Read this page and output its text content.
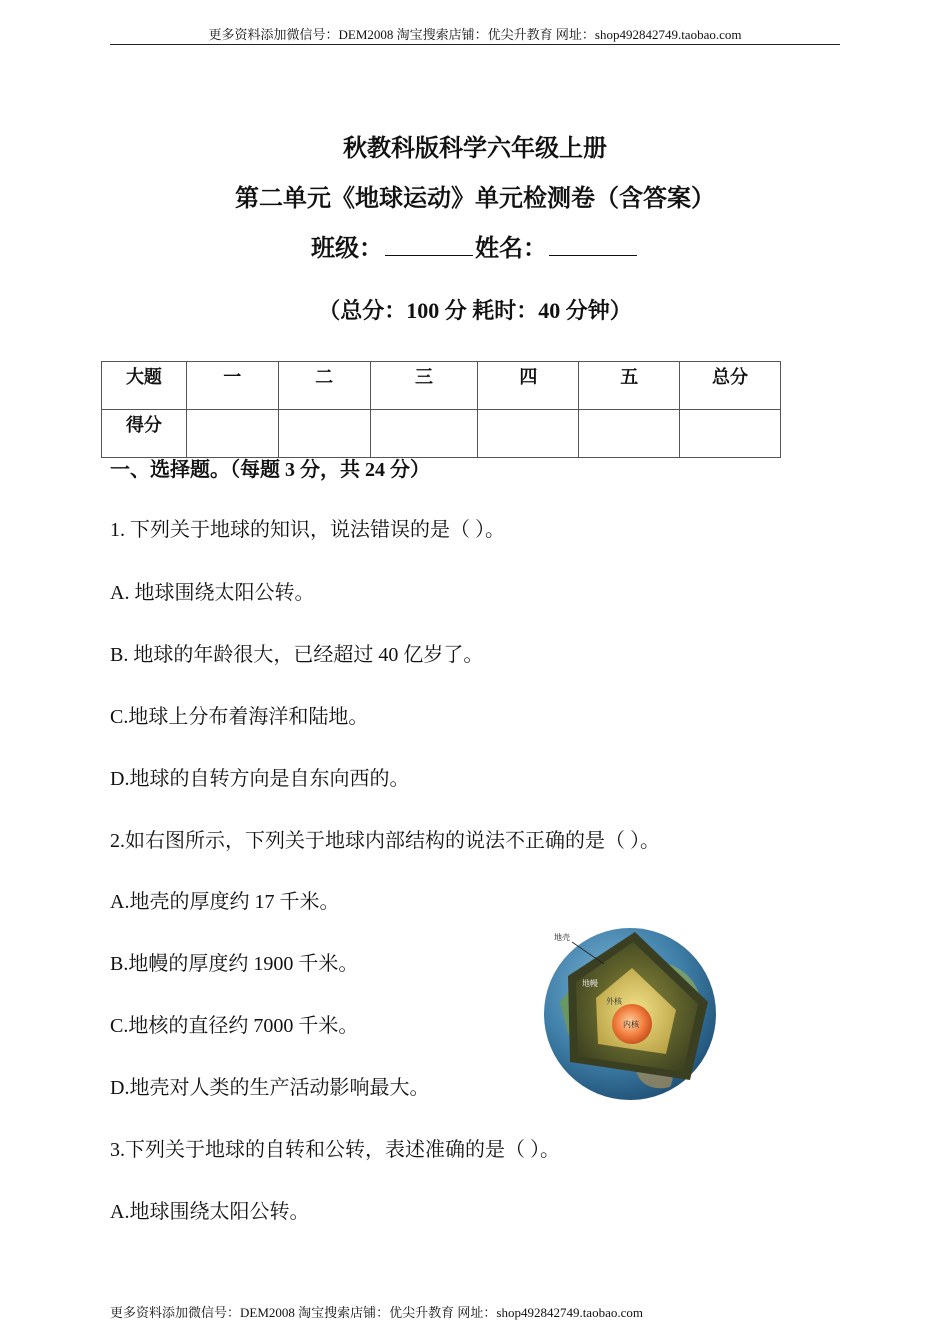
更多资料添加微信号：DEM2008 淘宝搜索店铺：优尖升教育 网址：shop492842749.taobao.com
秋教科版科学六年级上册
第二单元《地球运动》单元检测卷（含答案）
班级：	姓名：
（总分：100 分 耗时：40 分钟）
大题	一	二	三	四	五	总分
得分						
一、选择题。（每题 3 分，共 24 分）
1. 下列关于地球的知识，说法错误的是（ ）。
A. 地球围绕太阳公转。
B. 地球的年龄很大，已经超过 40 亿岁了。
C.地球上分布着海洋和陆地。
D.地球的自转方向是自东向西的。
2.如右图所示，下列关于地球内部结构的说法不正确的是（ ）。
A.地壳的厚度约 17 千米。
B.地幔的厚度约 1900 千米。
C.地核的直径约 7000 千米。
D.地壳对人类的生产活动影响最大。
3.下列关于地球的自转和公转，表述准确的是（ ）。
A.地球围绕太阳公转。
地壳
地幔
外核
内核
更多资料添加微信号：DEM2008 淘宝搜索店铺：优尖升教育 网址：shop492842749.taobao.com
